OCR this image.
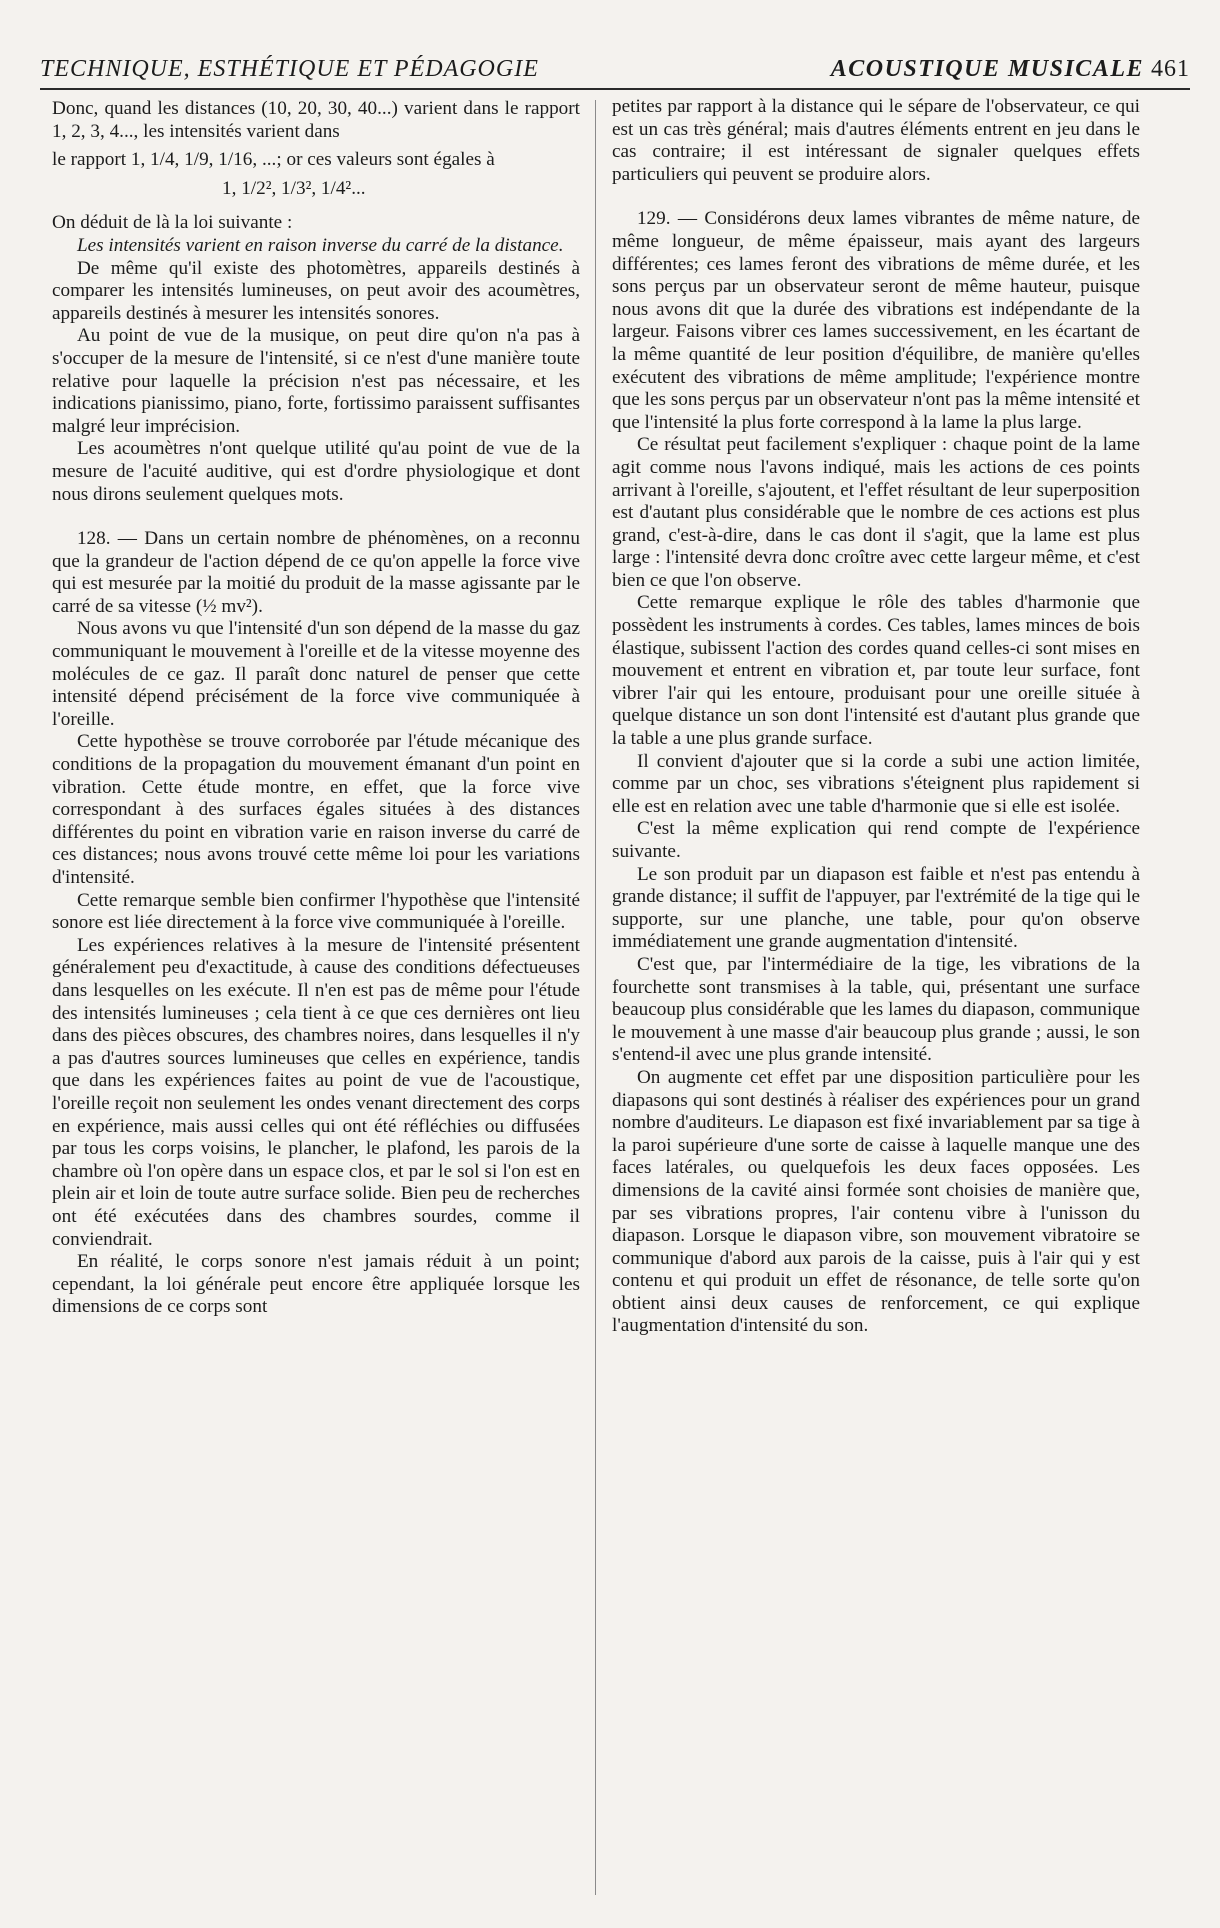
TECHNIQUE, ESTHÉTIQUE ET PÉDAGOGIE	ACOUSTIQUE MUSICALE 461

Donc, quand les distances (10, 20, 30, 40...) varient dans le rapport 1, 2, 3, 4..., les intensités varient dans

le rapport 1, 1/4, 1/9, 1/16, ...; or ces valeurs sont égales à
1, 1/2², 1/3², 1/4²...

On déduit de là la loi suivante :

Les intensités varient en raison inverse du carré de la distance.

De même qu'il existe des photomètres, appareils destinés à comparer les intensités lumineuses, on peut avoir des acoumètres, appareils destinés à mesurer les intensités sonores.

Au point de vue de la musique, on peut dire qu'on n'a pas à s'occuper de la mesure de l'intensité, si ce n'est d'une manière toute relative pour laquelle la précision n'est pas nécessaire, et les indications pianissimo, piano, forte, fortissimo paraissent suffisantes malgré leur imprécision.

Les acoumètres n'ont quelque utilité qu'au point de vue de la mesure de l'acuité auditive, qui est d'ordre physiologique et dont nous dirons seulement quelques mots.

128. — Dans un certain nombre de phénomènes, on a reconnu que la grandeur de l'action dépend de ce qu'on appelle la force vive qui est mesurée par la moitié du produit de la masse agissante par le carré de sa vitesse (½ mv²).

Nous avons vu que l'intensité d'un son dépend de la masse du gaz communiquant le mouvement à l'oreille et de la vitesse moyenne des molécules de ce gaz. Il paraît donc naturel de penser que cette intensité dépend précisément de la force vive communiquée à l'oreille.

Cette hypothèse se trouve corroborée par l'étude mécanique des conditions de la propagation du mouvement émanant d'un point en vibration. Cette étude montre, en effet, que la force vive correspondant à des surfaces égales situées à des distances différentes du point en vibration varie en raison inverse du carré de ces distances; nous avons trouvé cette même loi pour les variations d'intensité.

Cette remarque semble bien confirmer l'hypothèse que l'intensité sonore est liée directement à la force vive communiquée à l'oreille.

Les expériences relatives à la mesure de l'intensité présentent généralement peu d'exactitude, à cause des conditions défectueuses dans lesquelles on les exécute. Il n'en est pas de même pour l'étude des intensités lumineuses ; cela tient à ce que ces dernières ont lieu dans des pièces obscures, des chambres noires, dans lesquelles il n'y a pas d'autres sources lumineuses que celles en expérience, tandis que dans les expériences faites au point de vue de l'acoustique, l'oreille reçoit non seulement les ondes venant directement des corps en expérience, mais aussi celles qui ont été réfléchies ou diffusées par tous les corps voisins, le plancher, le plafond, les parois de la chambre où l'on opère dans un espace clos, et par le sol si l'on est en plein air et loin de toute autre surface solide. Bien peu de recherches ont été exécutées dans des chambres sourdes, comme il conviendrait.

En réalité, le corps sonore n'est jamais réduit à un point; cependant, la loi générale peut encore être appliquée lorsque les dimensions de ce corps sont

petites par rapport à la distance qui le sépare de l'observateur, ce qui est un cas très général; mais d'autres éléments entrent en jeu dans le cas contraire; il est intéressant de signaler quelques effets particuliers qui peuvent se produire alors.

129. — Considérons deux lames vibrantes de même nature, de même longueur, de même épaisseur, mais ayant des largeurs différentes; ces lames feront des vibrations de même durée, et les sons perçus par un observateur seront de même hauteur, puisque nous avons dit que la durée des vibrations est indépendante de la largeur. Faisons vibrer ces lames successivement, en les écartant de la même quantité de leur position d'équilibre, de manière qu'elles exécutent des vibrations de même amplitude; l'expérience montre que les sons perçus par un observateur n'ont pas la même intensité et que l'intensité la plus forte correspond à la lame la plus large.

Ce résultat peut facilement s'expliquer : chaque point de la lame agit comme nous l'avons indiqué, mais les actions de ces points arrivant à l'oreille, s'ajoutent, et l'effet résultant de leur superposition est d'autant plus considérable que le nombre de ces actions est plus grand, c'est-à-dire, dans le cas dont il s'agit, que la lame est plus large : l'intensité devra donc croître avec cette largeur même, et c'est bien ce que l'on observe.

Cette remarque explique le rôle des tables d'harmonie que possèdent les instruments à cordes. Ces tables, lames minces de bois élastique, subissent l'action des cordes quand celles-ci sont mises en mouvement et entrent en vibration et, par toute leur surface, font vibrer l'air qui les entoure, produisant pour une oreille située à quelque distance un son dont l'intensité est d'autant plus grande que la table a une plus grande surface.

Il convient d'ajouter que si la corde a subi une action limitée, comme par un choc, ses vibrations s'éteignent plus rapidement si elle est en relation avec une table d'harmonie que si elle est isolée.

C'est la même explication qui rend compte de l'expérience suivante.

Le son produit par un diapason est faible et n'est pas entendu à grande distance; il suffit de l'appuyer, par l'extrémité de la tige qui le supporte, sur une planche, une table, pour qu'on observe immédiatement une grande augmentation d'intensité.

C'est que, par l'intermédiaire de la tige, les vibrations de la fourchette sont transmises à la table, qui, présentant une surface beaucoup plus considérable que les lames du diapason, communique le mouvement à une masse d'air beaucoup plus grande ; aussi, le son s'entend-il avec une plus grande intensité.

On augmente cet effet par une disposition particulière pour les diapasons qui sont destinés à réaliser des expériences pour un grand nombre d'auditeurs. Le diapason est fixé invariablement par sa tige à la paroi supérieure d'une sorte de caisse à laquelle manque une des faces latérales, ou quelquefois les deux faces opposées. Les dimensions de la cavité ainsi formée sont choisies de manière que, par ses vibrations propres, l'air contenu vibre à l'unisson du diapason. Lorsque le diapason vibre, son mouvement vibratoire se communique d'abord aux parois de la caisse, puis à l'air qui y est contenu et qui produit un effet de résonance, de telle sorte qu'on obtient ainsi deux causes de renforcement, ce qui explique l'augmentation d'intensité du son.
